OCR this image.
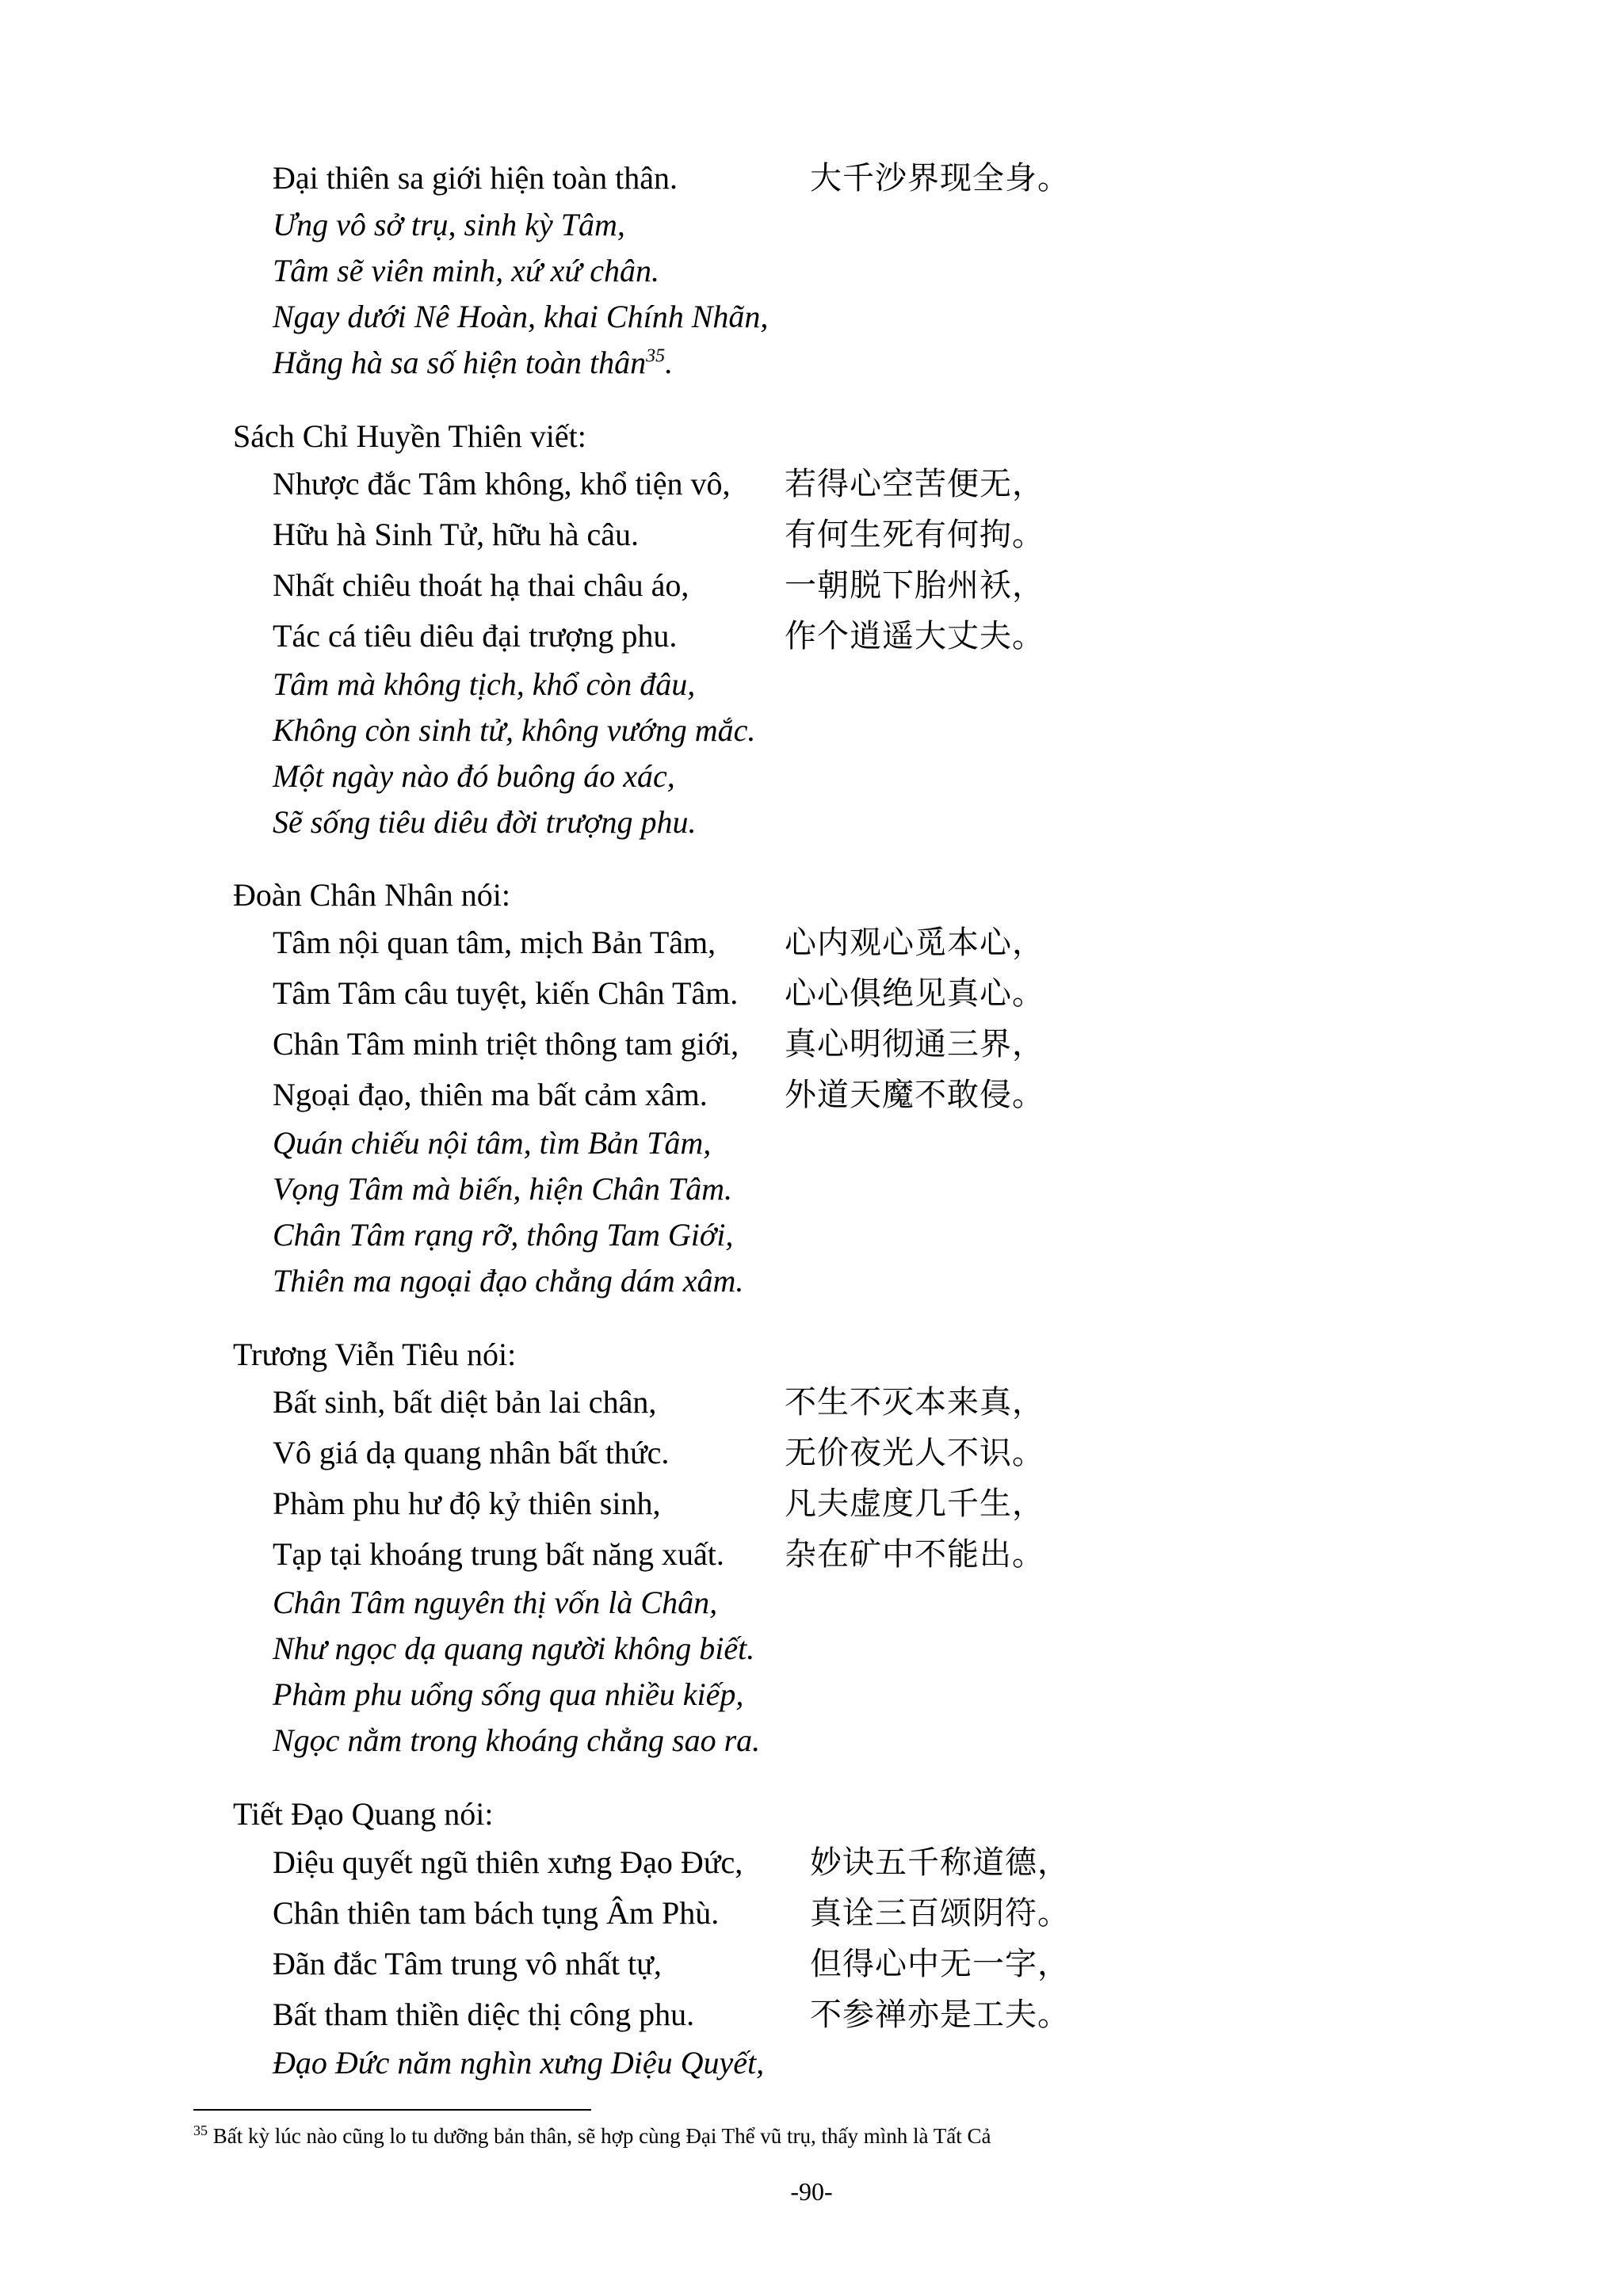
Đại thiên sa giới hiện toàn thân.	大千沙界现全身。
Ưng vô sở trụ, sinh kỳ Tâm,
Tâm sẽ viên minh, xứ xứ chân.
Ngay dưới Nê Hoàn, khai Chính Nhãn,
Hằng hà sa số hiện toàn thân$^{35}$.
Sách Chỉ Huyền Thiên viết:
Nhược đắc Tâm không, khổ tiện vô, 若得心空苦便无，
Hữu hà Sinh Tử, hữu hà câu.	有何生死有何拘。
Nhất chiêu thoát hạ thai châu áo,	一朝脱下胎州袄，
Tác cá tiêu diêu đại trượng phu.	作个逍遥大丈夫。
Tâm mà không tịch, khổ còn đâu,
Không còn sinh tử, không vướng mắc.
Một ngày nào đó buông áo xác,
Sẽ sống tiêu diêu đời trượng phu.
Đoàn Chân Nhân nói:
Tâm nội quan tâm, mịch Bản Tâm, 心内观心觅本心，
Tâm Tâm câu tuyệt, kiến Chân Tâm. 心心俱绝见真心。
Chân Tâm minh triệt thông tam giới, 真心明彻通三界，
Ngoại đạo, thiên ma bất cảm xâm. 外道天魔不敢侵。
Quán chiếu nội tâm, tìm Bản Tâm,
Vọng Tâm mà biến, hiện Chân Tâm.
Chân Tâm rạng rỡ, thông Tam Giới,
Thiên ma ngoại đạo chẳng dám xâm.
Trương Viễn Tiêu nói:
Bất sinh, bất diệt bản lai chân,	不生不灭本来真，
Vô giá dạ quang nhân bất thức.	无价夜光人不识。
Phàm phu hư độ kỷ thiên sinh,	凡夫虚度几千生，
Tạp tại khoáng trung bất năng xuất. 杂在矿中不能出。
Chân Tâm nguyên thị vốn là Chân,
Như ngọc dạ quang người không biết.
Phàm phu uổng sống qua nhiều kiếp,
Ngọc nằm trong khoáng chẳng sao ra.
Tiết Đạo Quang nói:
Diệu quyết ngũ thiên xưng Đạo Đức, 妙诀五千称道德，
Chân thiên tam bách tụng Âm Phù.	真诠三百颂阴符。
Đãn đắc Tâm trung vô nhất tự,	但得心中无一字，
Bất tham thiền diệc thị công phu.	不参禅亦是工夫。
Đạo Đức năm nghìn xưng Diệu Quyết,
$^{35}$ Bất kỳ lúc nào cũng lo tu dưỡng bản thân, sẽ hợp cùng Đại Thể vũ trụ, thấy mình là Tất Cả
-90-
